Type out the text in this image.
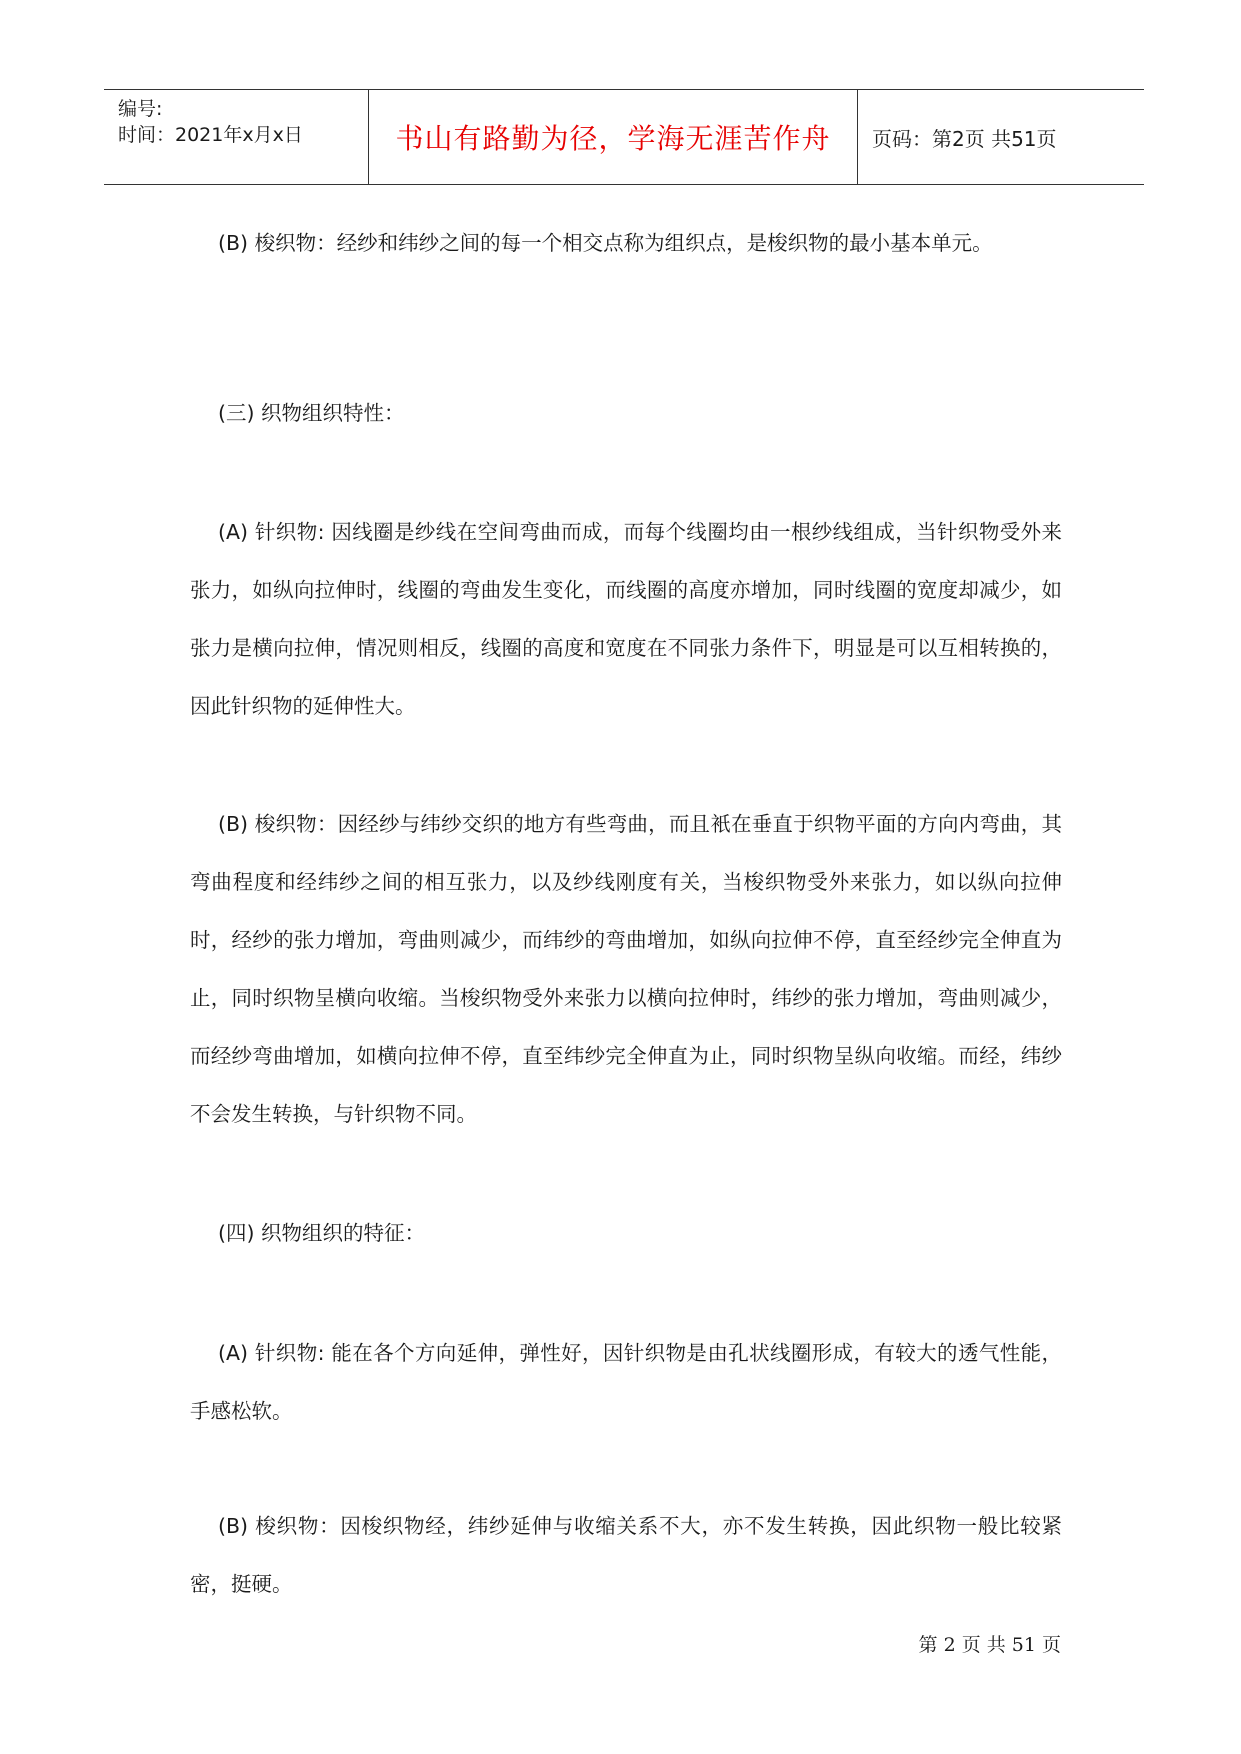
编号:
时间：2021年x月x日	书山有路勤为径，学海无涯苦作舟 页码：第2页 共51页
(B) 梭织物：经纱和纬纱之间的每一个相交点称为组织点，是梭织物的最小基本单元。
(三) 织物组织特性：
(A) 针织物: 因线圈是纱线在空间弯曲而成，而每个线圈均由一根纱线组成，当针织物受外来张力，如纵向拉伸时，线圈的弯曲发生变化，而线圈的高度亦增加，同时线圈的宽度却减少，如张力是横向拉伸，情况则相反，线圈的高度和宽度在不同张力条件下，明显是可以互相转换的，因此针织物的延伸性大。
(B) 梭织物：因经纱与纬纱交织的地方有些弯曲，而且衹在垂直于织物平面的方向内弯曲，其弯曲程度和经纬纱之间的相互张力，以及纱线刚度有关，当梭织物受外来张力，如以纵向拉伸时，经纱的张力增加，弯曲则减少，而纬纱的弯曲增加，如纵向拉伸不停，直至经纱完全伸直为止，同时织物呈横向收缩。当梭织物受外来张力以横向拉伸时，纬纱的张力增加，弯曲则减少，而经纱弯曲增加，如横向拉伸不停，直至纬纱完全伸直为止，同时织物呈纵向收缩。而经，纬纱不会发生转换，与针织物不同。
(四) 织物组织的特征：
(A) 针织物: 能在各个方向延伸，弹性好，因针织物是由孔状线圈形成，有较大的透气性能，手感松软。
(B) 梭织物：因梭织物经，纬纱延伸与收缩关系不大，亦不发生转换，因此织物一般比较紧密，挺硬。
第 2 页 共 51 页
